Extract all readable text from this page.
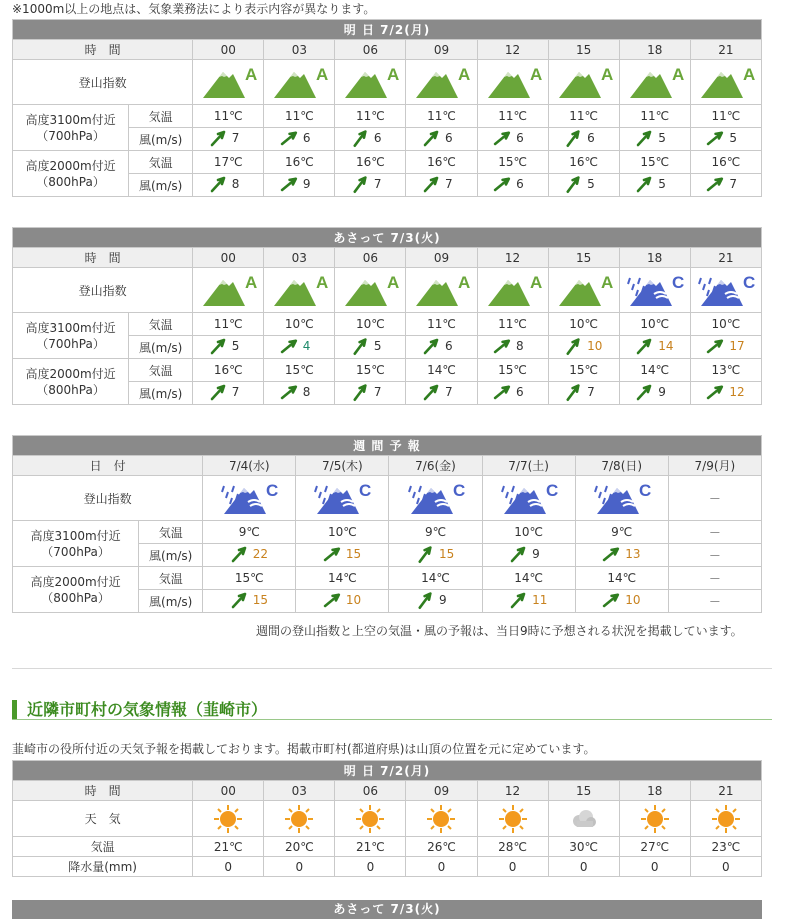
※1000m以上の地点は、気象業務法により表示内容が異なります。
明 日 7/2(月)									
時　間		00	03	06	09	12	15	18	21
登山指数		A	A	A	A	A	A	A	A

高度3100m付近
（700hPa）	気温	11℃	11℃	11℃	11℃	11℃	11℃	11℃	11℃
	風(m/s)	7	6	6	6	6	6	5	5

高度2000m付近
（800hPa）	気温	17℃	16℃	16℃	16℃	15℃	16℃	15℃	16℃
	風(m/s)	8	9	7	7	6	5	5	7
あさって 7/3(火)									
時　間		00	03	06	09	12	15	18	21
登山指数		A	A	A	A	A	A	C	C

高度3100m付近
（700hPa）	気温	11℃	10℃	10℃	11℃	11℃	10℃	10℃	10℃
	風(m/s)	5	4	5	6	8	10	14	17

高度2000m付近
（800hPa）	気温	16℃	15℃	15℃	14℃	15℃	15℃	14℃	13℃
	風(m/s)	7	8	7	7	6	7	9	12
週 間 予 報							
日　付		7/4(水)	7/5(木)	7/6(金)	7/7(土)	7/8(日)	7/9(月)
登山指数		C	C	C	C	C	－

高度3100m付近
（700hPa）	気温	9℃	10℃	9℃	10℃	9℃	－
	風(m/s)	22	15	15	9	13	－

高度2000m付近
（800hPa）	気温	15℃	14℃	14℃	14℃	14℃	－
	風(m/s)	15	10	9	11	10	－
週間の登山指数と上空の気温・風の予報は、当日9時に予想される状況を掲載しています。
近隣市町村の気象情報（韮崎市）
韮崎市の役所付近の天気予報を掲載しております。掲載市町村(都道府県)は山頂の位置を元に定めています。
明 日 7/2(月)								
時　間	00	03	06	09	12	15	18	21
天　気								
気温	21℃	20℃	21℃	26℃	28℃	30℃	27℃	23℃
降水量(mm)	0	0	0	0	0	0	0	0
あさって 7/3(火)
